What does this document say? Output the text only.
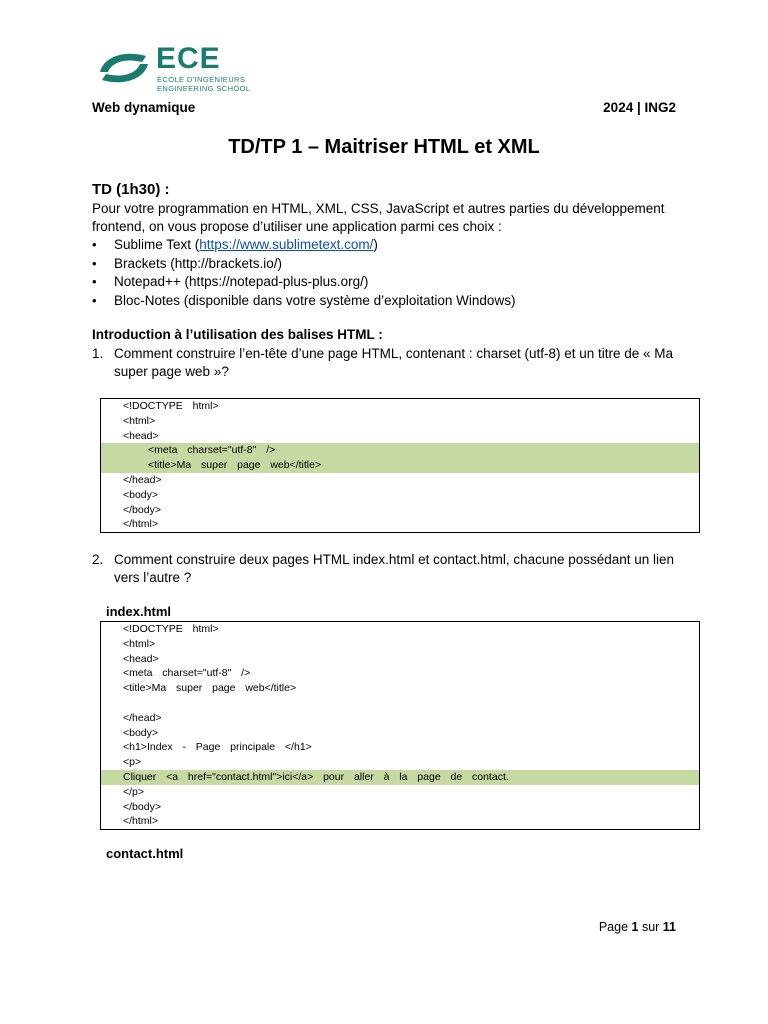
ECE
ÉCOLE D'INGÉNIEURS
ENGINEERING SCHOOL
Web dynamique	2024 | ING2
TD/TP 1 – Maitriser HTML et XML
TD (1h30) :
Pour votre programmation en HTML, XML, CSS, JavaScript et autres parties du développement frontend, on vous propose d’utiliser une application parmi ces choix :
• Sublime Text (https://www.sublimetext.com/)
• Brackets (http://brackets.io/)
• Notepad++ (https://notepad-plus-plus.org/)
• Bloc-Notes (disponible dans votre système d’exploitation Windows)
Introduction à l’utilisation des balises HTML :
1. Comment construire l’en-tête d’une page HTML, contenant : charset (utf-8) et un titre de « Ma super page web »?
<!DOCTYPE  html>
<html>
<head>
<meta  charset="utf-8"  />
<title>Ma  super  page  web</title>
</head>
<body>
</body>
</html>
2. Comment construire deux pages HTML index.html et contact.html, chacune possédant un lien vers l’autre ?
index.html
<!DOCTYPE  html>
<html>
<head>
<meta  charset="utf-8"  />
<title>Ma  super  page  web</title>
</head>
<body>
<h1>Index  -  Page  principale  </h1>
<p>
Cliquer  <a  href="contact.html">ici</a>  pour  aller  à  la  page  de  contact.
</p>
</body>
</html>
contact.html
Page 1 sur 11
